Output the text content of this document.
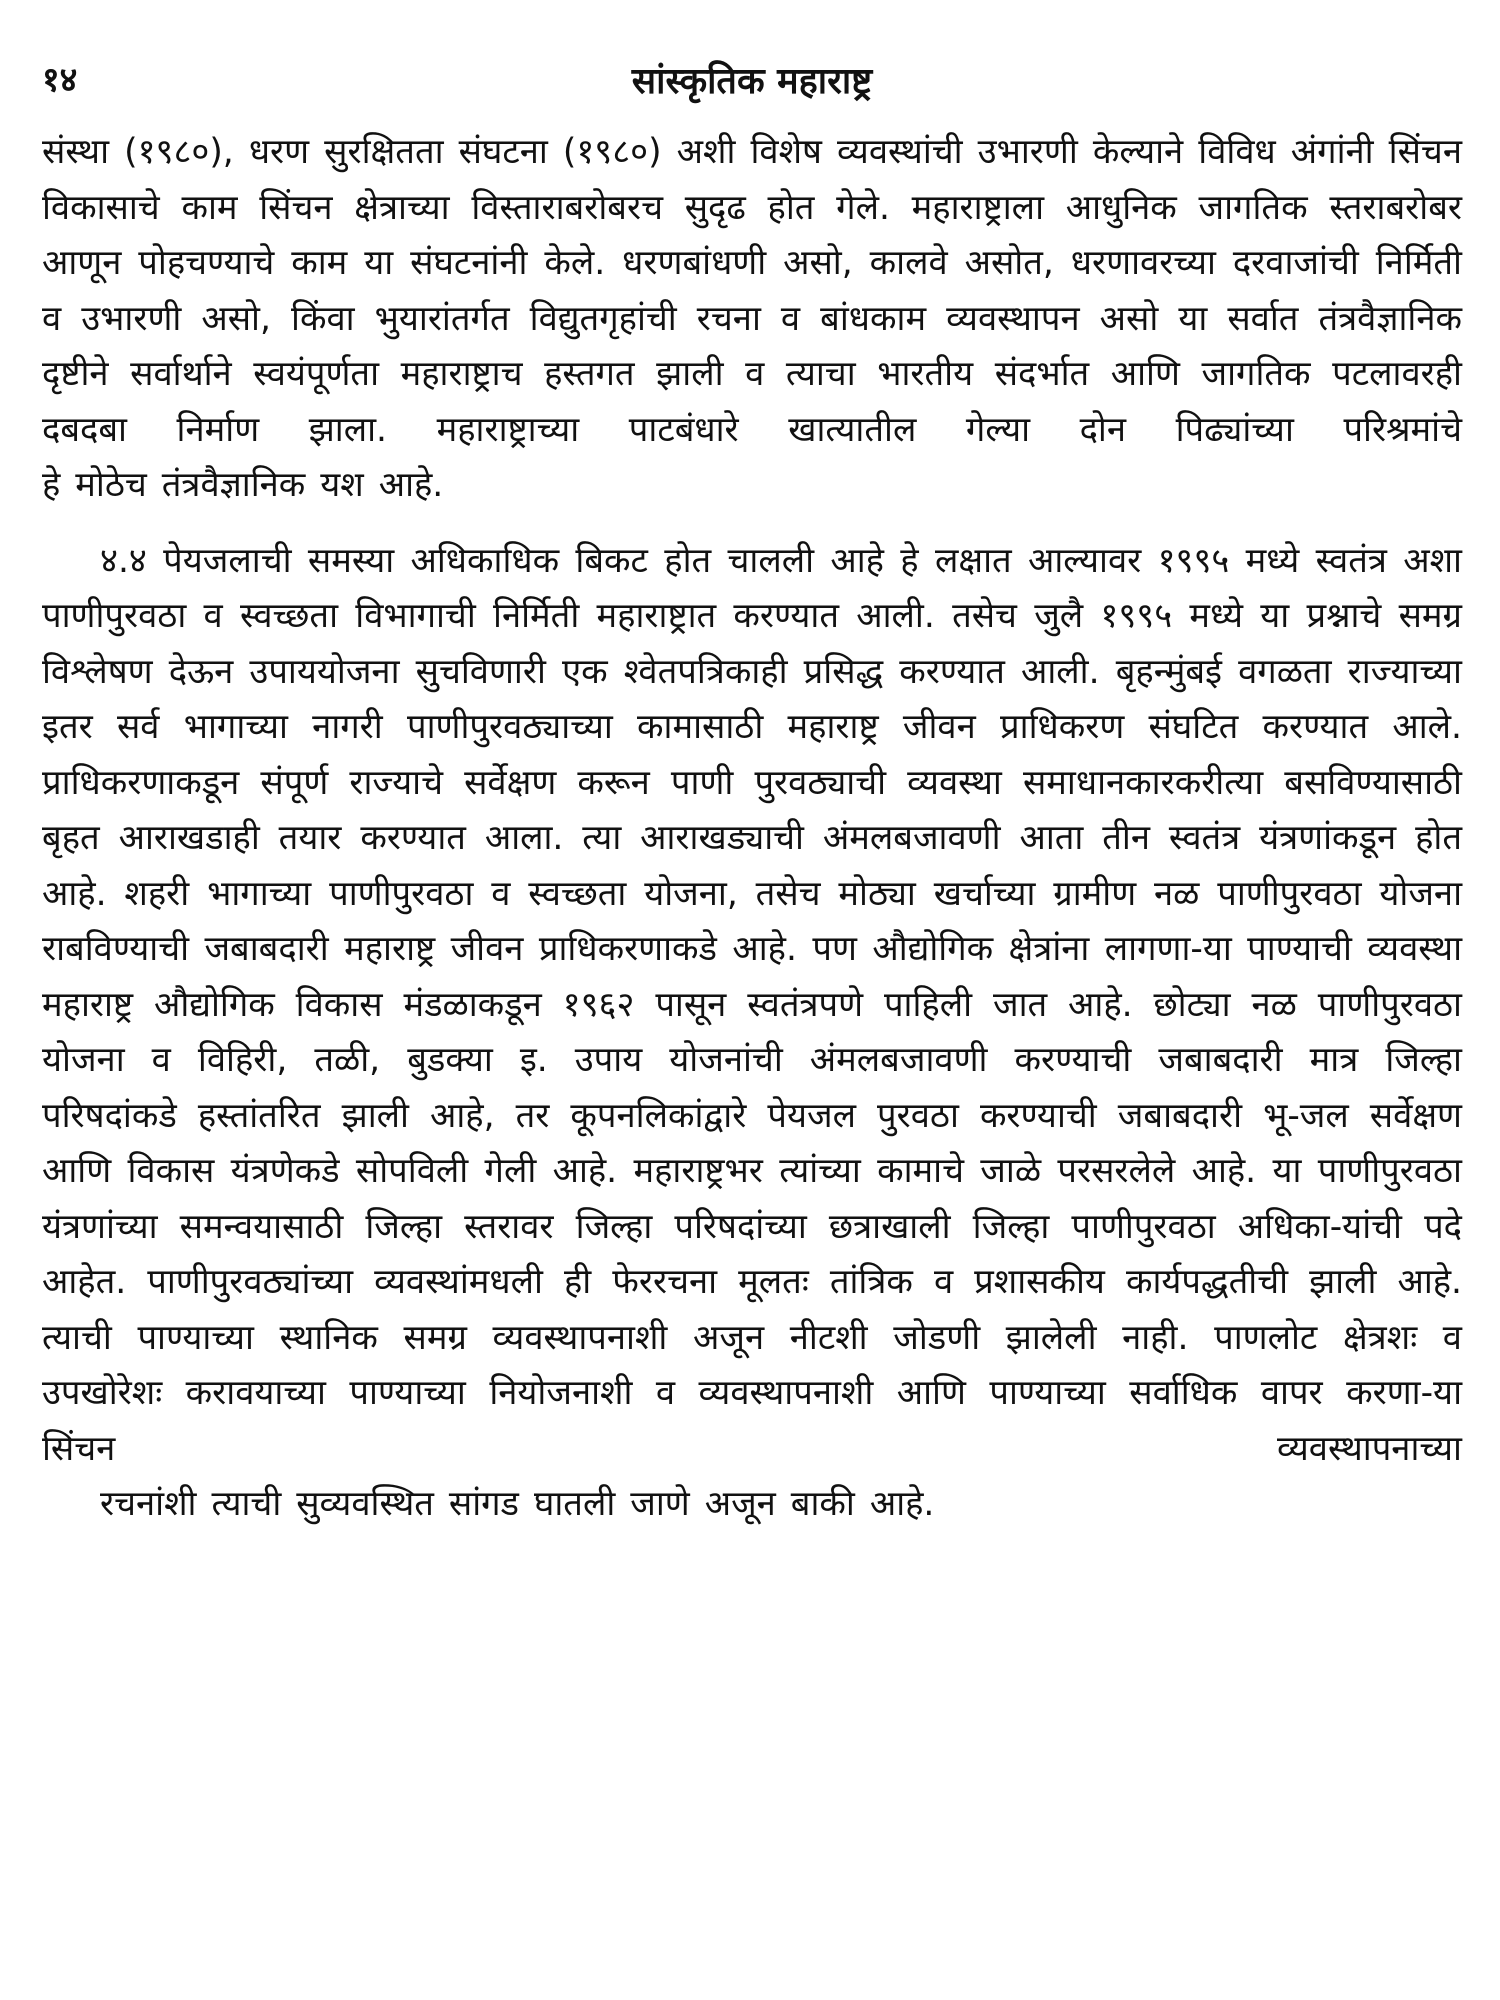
१४	सांस्कृतिक महाराष्ट्र

संस्था (१९८०), धरण सुरक्षितता संघटना (१९८०) अशी विशेष व्यवस्थांची उभारणी केल्याने विविध अंगांनी सिंचन विकासाचे काम सिंचन क्षेत्राच्या विस्ताराबरोबरच सुदृढ होत गेले. महाराष्ट्राला आधुनिक जागतिक स्तराबरोबर आणून पोहचण्याचे काम या संघटनांनी केले. धरणबांधणी असो, कालवे असोत, धरणावरच्या दरवाजांची निर्मिती व उभारणी असो, किंवा भुयारांतर्गत विद्युतगृहांची रचना व बांधकाम व्यवस्थापन असो या सर्वात तंत्रवैज्ञानिक दृष्टीने सर्वार्थाने स्वयंपूर्णता महाराष्ट्राच हस्तगत झाली व त्याचा भारतीय संदर्भात आणि जागतिक पटलावरही दबदबा निर्माण झाला. महाराष्ट्राच्या पाटबंधारे खात्यातील गेल्या दोन पिढ्यांच्या परिश्रमांचे
हे मोठेच तंत्रवैज्ञानिक यश आहे.

४.४ पेयजलाची समस्या अधिकाधिक बिकट होत चालली आहे हे लक्षात आल्यावर १९९५ मध्ये स्वतंत्र अशा पाणीपुरवठा व स्वच्छता विभागाची निर्मिती महाराष्ट्रात करण्यात आली. तसेच जुलै १९९५ मध्ये या प्रश्नाचे समग्र विश्लेषण देऊन उपाययोजना सुचविणारी एक श्वेतपत्रिकाही प्रसिद्ध करण्यात आली. बृहन्मुंबई वगळता राज्याच्या इतर सर्व भागाच्या नागरी पाणीपुरवठ्याच्या कामासाठी महाराष्ट्र जीवन प्राधिकरण संघटित करण्यात आले. प्राधिकरणाकडून संपूर्ण राज्याचे सर्वेक्षण करून पाणी पुरवठ्याची व्यवस्था समाधानकारकरीत्या बसविण्यासाठी बृहत आराखडाही तयार करण्यात आला. त्या आराखड्याची अंमलबजावणी आता तीन स्वतंत्र यंत्रणांकडून होत आहे. शहरी भागाच्या पाणीपुरवठा व स्वच्छता योजना, तसेच मोठ्या खर्चाच्या ग्रामीण नळ पाणीपुरवठा योजना राबविण्याची जबाबदारी महाराष्ट्र जीवन प्राधिकरणाकडे आहे. पण औद्योगिक क्षेत्रांना लागणा-या पाण्याची व्यवस्था महाराष्ट्र औद्योगिक विकास मंडळाकडून १९६२ पासून स्वतंत्रपणे पाहिली जात आहे. छोट्या नळ पाणीपुरवठा योजना व विहिरी, तळी, बुडक्या इ. उपाय योजनांची अंमलबजावणी करण्याची जबाबदारी मात्र जिल्हा परिषदांकडे हस्तांतरित झाली आहे, तर कूपनलिकांद्वारे पेयजल पुरवठा करण्याची जबाबदारी भू-जल सर्वेक्षण आणि विकास यंत्रणेकडे सोपविली गेली आहे. महाराष्ट्रभर त्यांच्या कामाचे जाळे परसरलेले आहे. या पाणीपुरवठा यंत्रणांच्या समन्वयासाठी जिल्हा स्तरावर जिल्हा परिषदांच्या छत्राखाली जिल्हा पाणीपुरवठा अधिका-यांची पदे आहेत. पाणीपुरवठ्यांच्या व्यवस्थांमधली ही फेररचना मूलतः तांत्रिक व प्रशासकीय कार्यपद्धतीची झाली आहे. त्याची पाण्याच्या स्थानिक समग्र व्यवस्थापनाशी अजून नीटशी जोडणी झालेली नाही. पाणलोट क्षेत्रशः व उपखोरेशः करावयाच्या पाण्याच्या नियोजनाशी व व्यवस्थापनाशी आणि पाण्याच्या सर्वाधिक वापर करणा-या सिंचन व्यवस्थापनाच्या
रचनांशी त्याची सुव्यवस्थित सांगड घातली जाणे अजून बाकी आहे.
